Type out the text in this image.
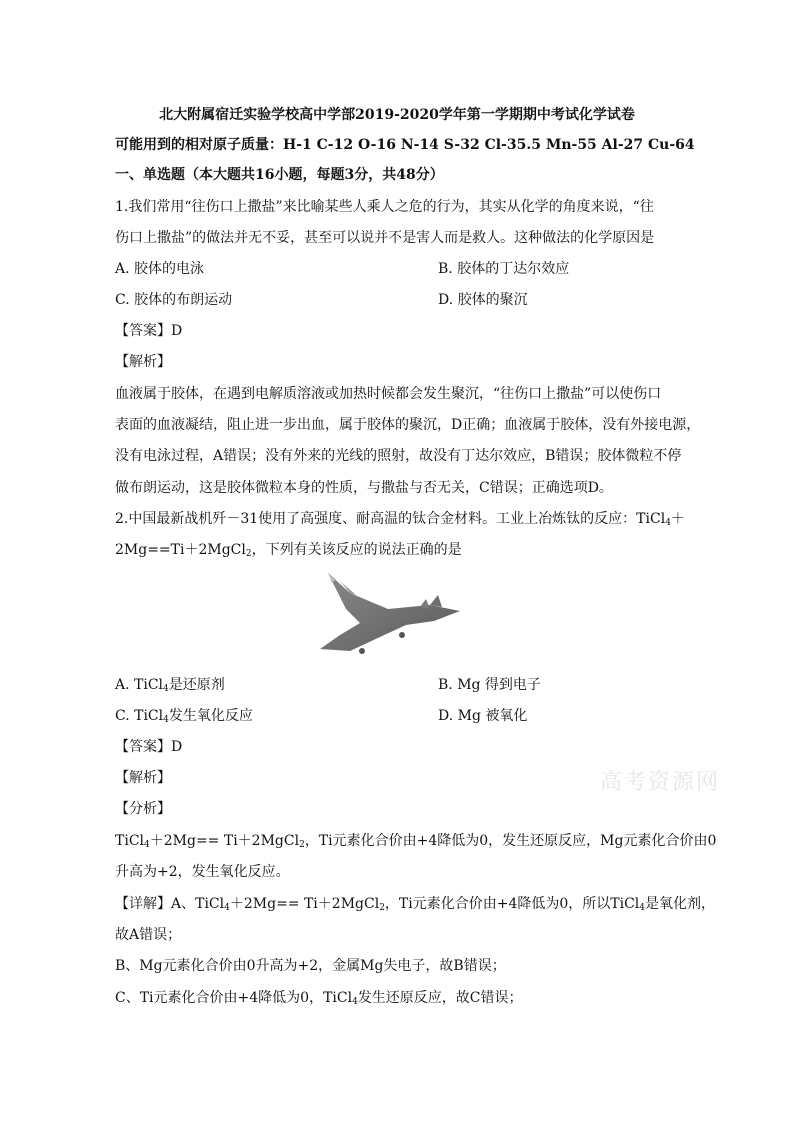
北大附属宿迁实验学校高中学部2019-2020学年第一学期期中考试化学试卷
可能用到的相对原子质量：H-1 C-12 O-16 N-14 S-32 Cl-35.5 Mn-55 Al-27 Cu-64
一、单选题（本大题共16小题，每题3分，共48分）
1.我们常用“往伤口上撒盐”来比喻某些人乘人之危的行为，其实从化学的角度来说，“往
伤口上撒盐”的做法并无不妥，甚至可以说并不是害人而是救人。这种做法的化学原因是
A. 胶体的电泳	B. 胶体的丁达尔效应
C. 胶体的布朗运动	D. 胶体的聚沉
【答案】D
【解析】
血液属于胶体，在遇到电解质溶液或加热时候都会发生聚沉，“往伤口上撒盐”可以使伤口
表面的血液凝结，阻止进一步出血，属于胶体的聚沉，D正确；血液属于胶体，没有外接电源，
没有电泳过程，A错误；没有外来的光线的照射，故没有丁达尔效应，B错误；胶体微粒不停
做布朗运动，这是胶体微粒本身的性质，与撒盐与否无关，C错误；正确选项D。
2.中国最新战机歼－31使用了高强度、耐高温的钛合金材料。工业上冶炼钛的反应：TiCl$_4$＋
2Mg==Ti＋2MgCl$_2$，下列有关该反应的说法正确的是
A. TiCl$_4$是还原剂	B. Mg 得到电子
C. TiCl$_4$发生氧化反应	D. Mg 被氧化
【答案】D
【解析】
【分析】
TiCl$_4$＋2Mg== Ti＋2MgCl$_2$，Ti元素化合价由+4降低为0，发生还原反应，Mg元素化合价由0
升高为+2，发生氧化反应。
【详解】A、TiCl$_4$＋2Mg== Ti＋2MgCl$_2$，Ti元素化合价由+4降低为0，所以TiCl$_4$是氧化剂，
故A错误；
B、Mg元素化合价由0升高为+2，金属Mg失电子，故B错误；
C、Ti元素化合价由+4降低为0，TiCl$_4$发生还原反应，故C错误；
高考资源网
